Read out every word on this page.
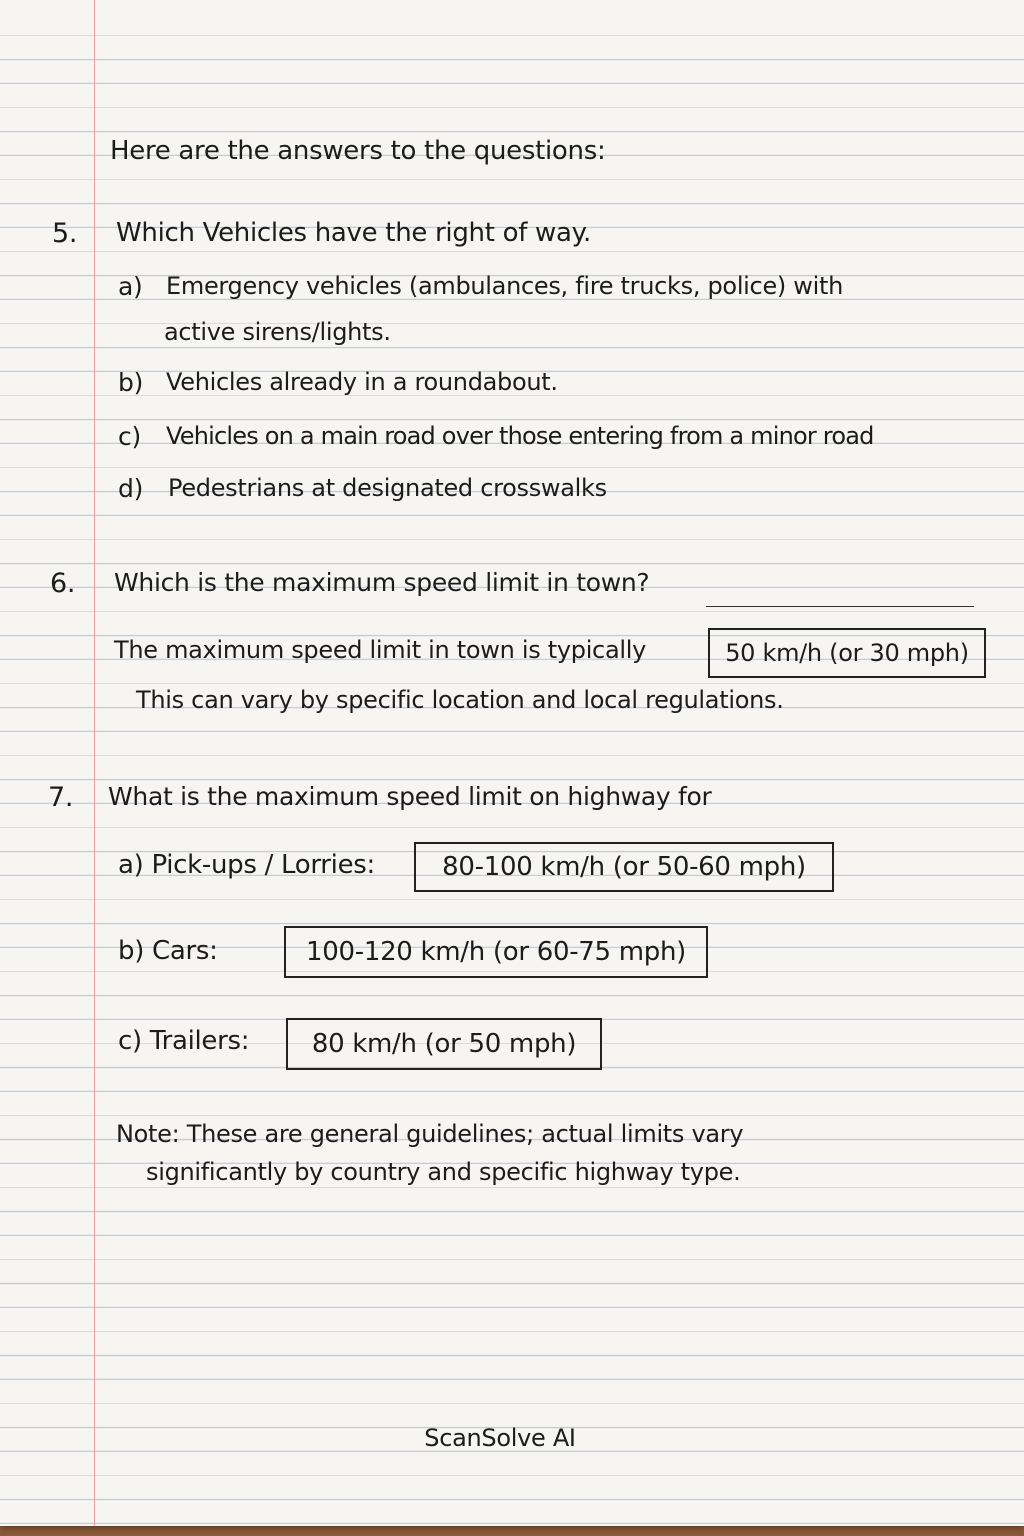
Here are the answers to the questions:
5. Which Vehicles have the right of way.
a) Emergency vehicles (ambulances, fire trucks, police) with
active sirens/lights.
b) Vehicles already in a roundabout.
c) Vehicles on a main road over those entering from a minor road
d) Pedestrians at designated crosswalks
6. Which is the maximum speed limit in town?
The maximum speed limit in town is typically	50 km/h (or 30 mph)
This can vary by specific location and local regulations.
7. What is the maximum speed limit on highway for
a) Pick-ups / Lorries:	80-100 km/h (or 50-60 mph)
b) Cars:	100-120 km/h (or 60-75 mph)
c) Trailers:	80 km/h (or 50 mph)
Note: These are general guidelines; actual limits vary
significantly by country and specific highway type.
ScanSolve AI
